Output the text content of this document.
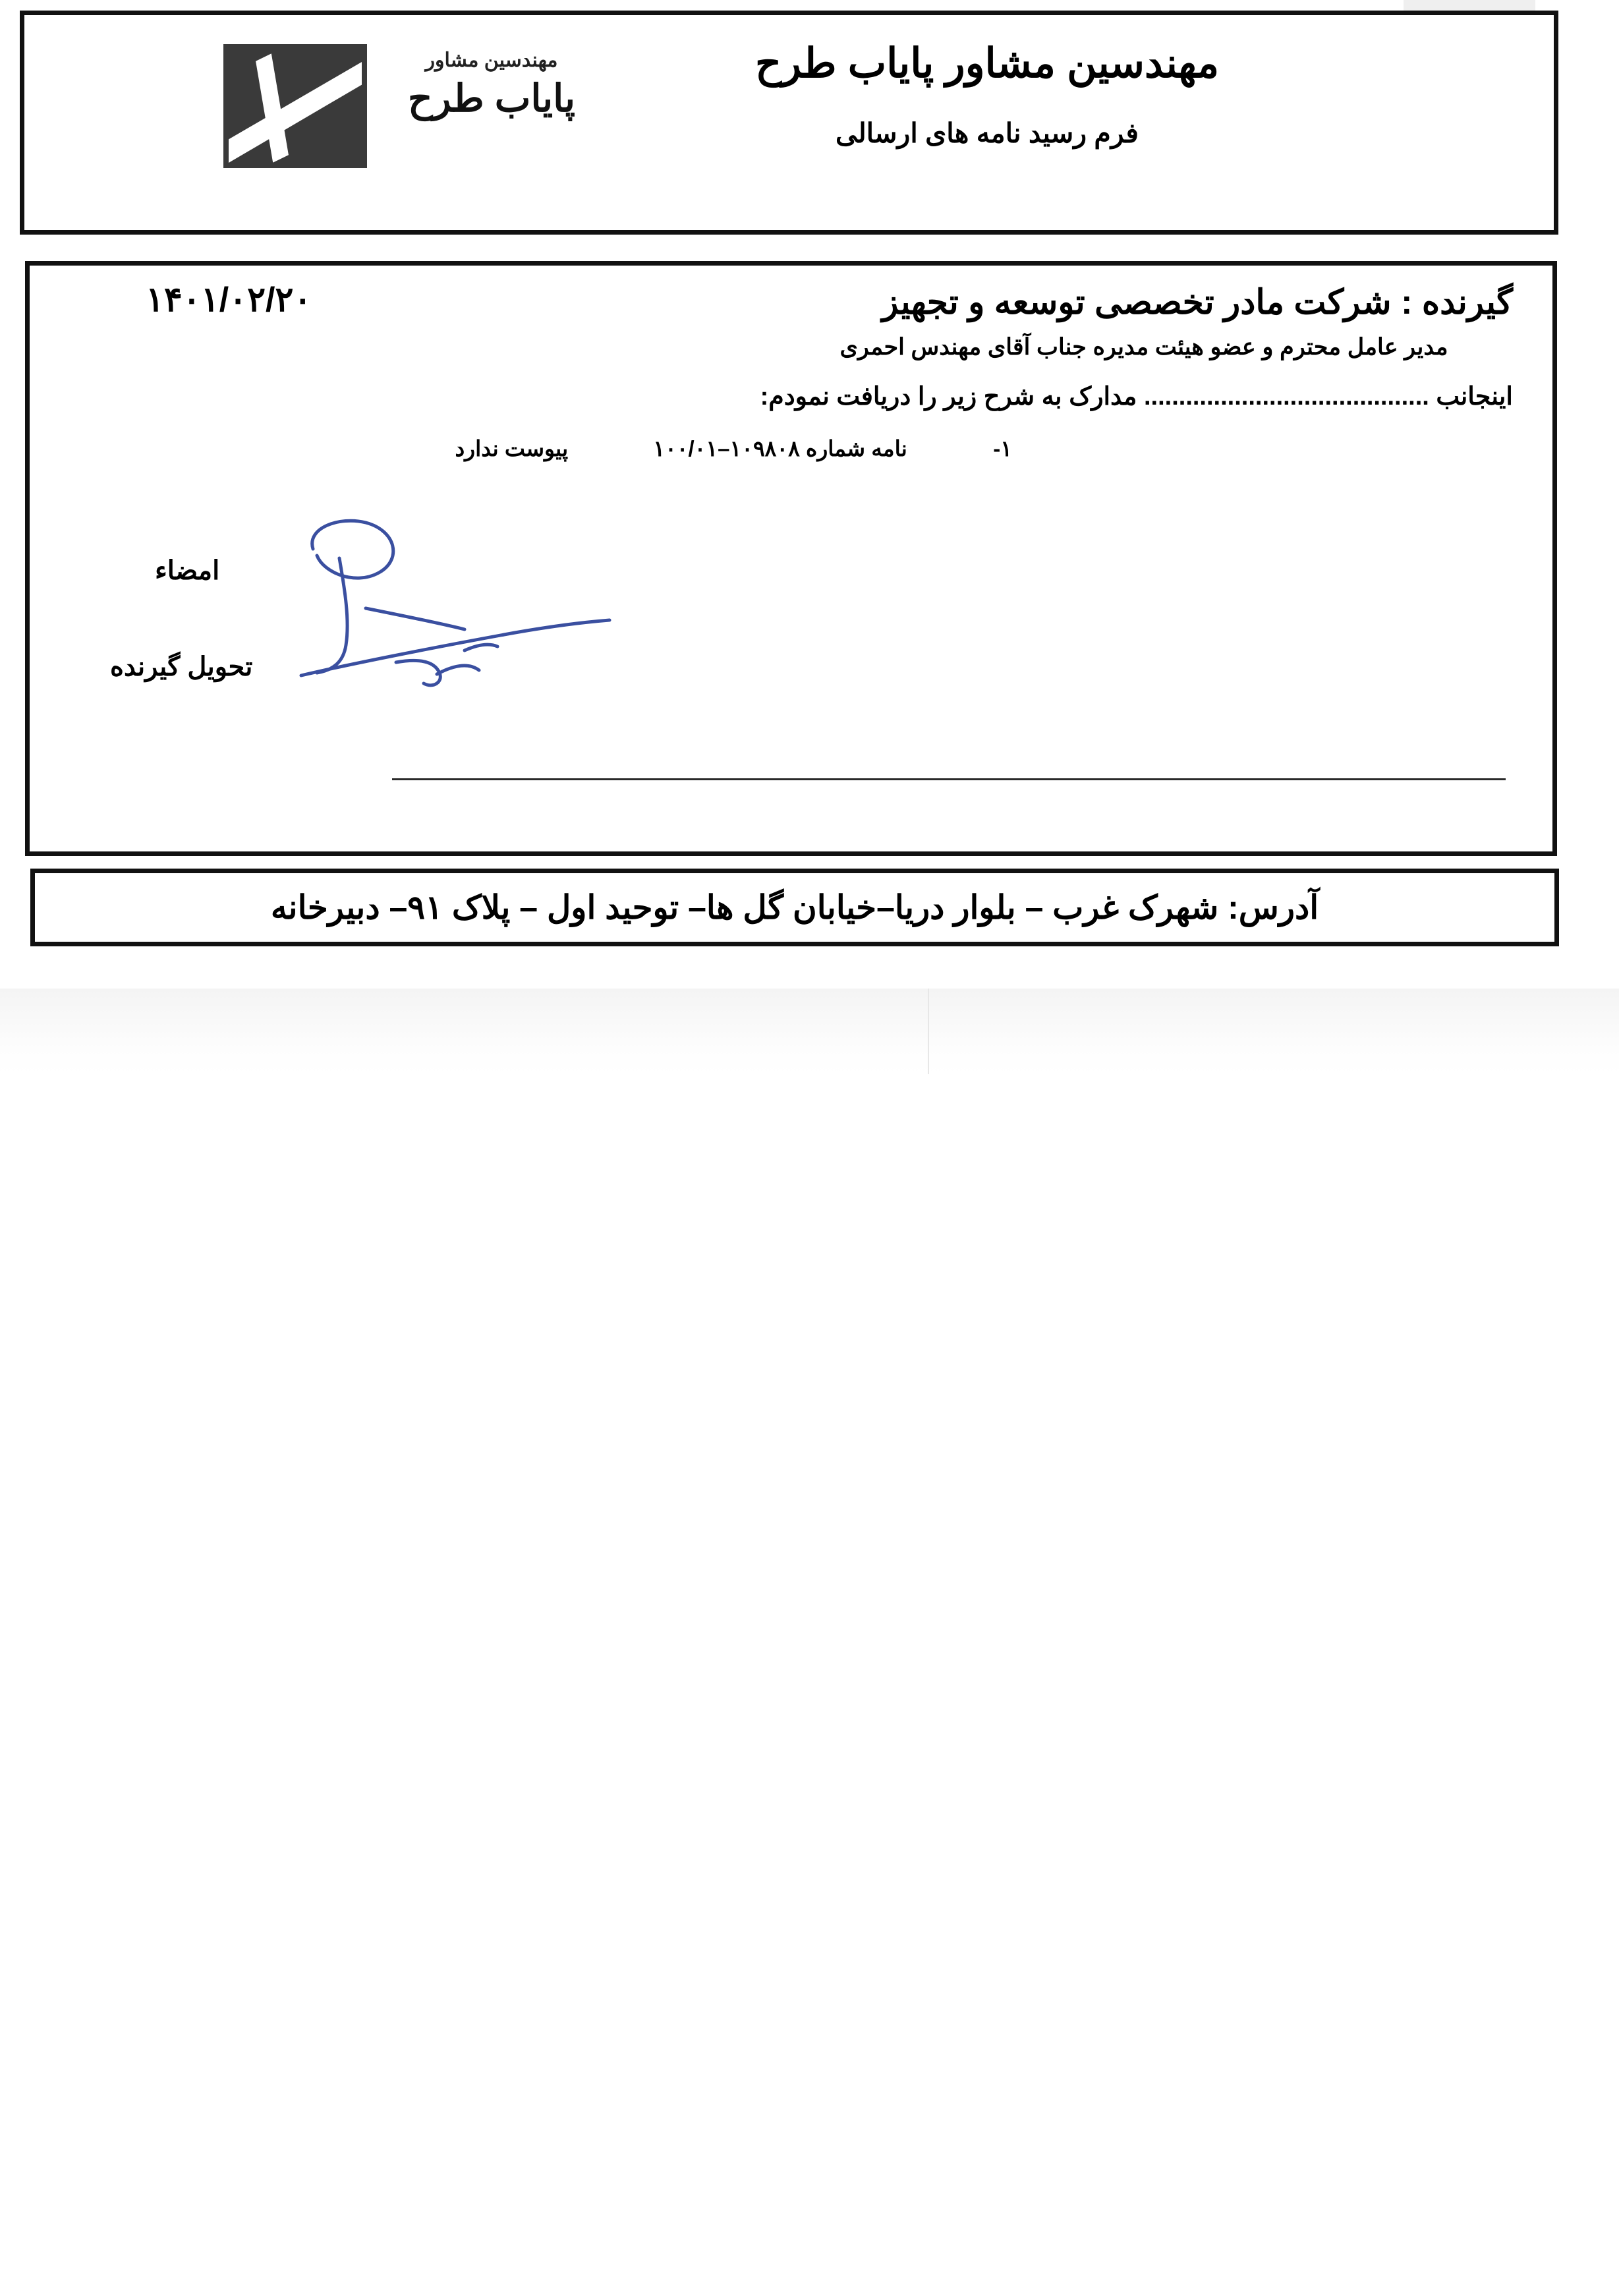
مهندسین مشاور پایاب طرح
فرم رسید نامه های ارسالی
مهندسین مشاور
پایاب طرح
۱۴۰۱/۰۲/۲۰	گیرنده : شرکت مادر تخصصی توسعه و تجهیز
مدیر عامل محترم و عضو هیئت مدیره جناب آقای مهندس احمری
اینجانب ......................................... مدارک به شرح زیر را دریافت نمودم:
۱- نامه شماره ۱۰۹۸۰۸–۱۰۰/۰۱ پیوست ندارد
امضاء
تحویل گیرنده
آدرس: شهرک غرب – بلوار دریا–خیابان گل ها– توحید اول – پلاک ۹۱– دبیرخانه
